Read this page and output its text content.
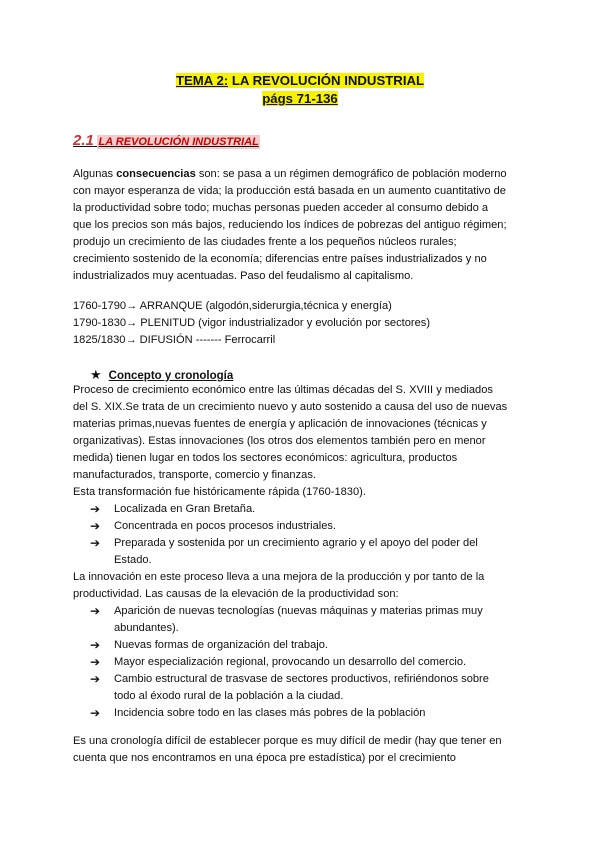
TEMA 2: LA REVOLUCIÓN INDUSTRIAL
págs 71-136
2.1 LA REVOLUCIÓN INDUSTRIAL
Algunas consecuencias son: se pasa a un régimen demográfico de población moderno
con mayor esperanza de vida; la producción está basada en un aumento cuantitativo de
la productividad sobre todo; muchas personas pueden acceder al consumo debido a
que los precios son más bajos, reduciendo los índices de pobrezas del antiguo régimen;
produjo un crecimiento de las ciudades frente a los pequeños núcleos rurales;
crecimiento sostenido de la economía; diferencias entre países industrializados y no
industrializados muy acentuadas. Paso del feudalismo al capitalismo.
1760-1790→ ARRANQUE (algodón,siderurgia,técnica y energía)
1790-1830→ PLENITUD (vigor industrializador y evolución por sectores)
1825/1830→ DIFUSIÓN ------- Ferrocarril
★ Concepto y cronología
Proceso de crecimiento económico entre las últimas décadas del S. XVIII y mediados
del S. XIX.Se trata de un crecimiento nuevo y auto sostenido a causa del uso de nuevas
materias primas,nuevas fuentes de energía y aplicación de innovaciones (técnicas y
organizativas). Estas innovaciones (los otros dos elementos también pero en menor
medida) tienen lugar en todos los sectores económicos: agricultura, productos
manufacturados, transporte, comercio y finanzas.
Esta transformación fue históricamente rápida (1760-1830).
➔ Localizada en Gran Bretaña.
➔ Concentrada en pocos procesos industriales.
➔ Preparada y sostenida por un crecimiento agrario y el apoyo del poder del
Estado.
La innovación en este proceso lleva a una mejora de la producción y por tanto de la
productividad. Las causas de la elevación de la productividad son:
➔ Aparición de nuevas tecnologías (nuevas máquinas y materias primas muy
abundantes).
➔ Nuevas formas de organización del trabajo.
➔ Mayor especialización regional, provocando un desarrollo del comercio.
➔ Cambio estructural de trasvase de sectores productivos, refiriéndonos sobre
todo al éxodo rural de la población a la ciudad.
➔ Incidencia sobre todo en las clases más pobres de la población
Es una cronología difícil de establecer porque es muy difícil de medir (hay que tener en
cuenta que nos encontramos en una época pre estadística) por el crecimiento
